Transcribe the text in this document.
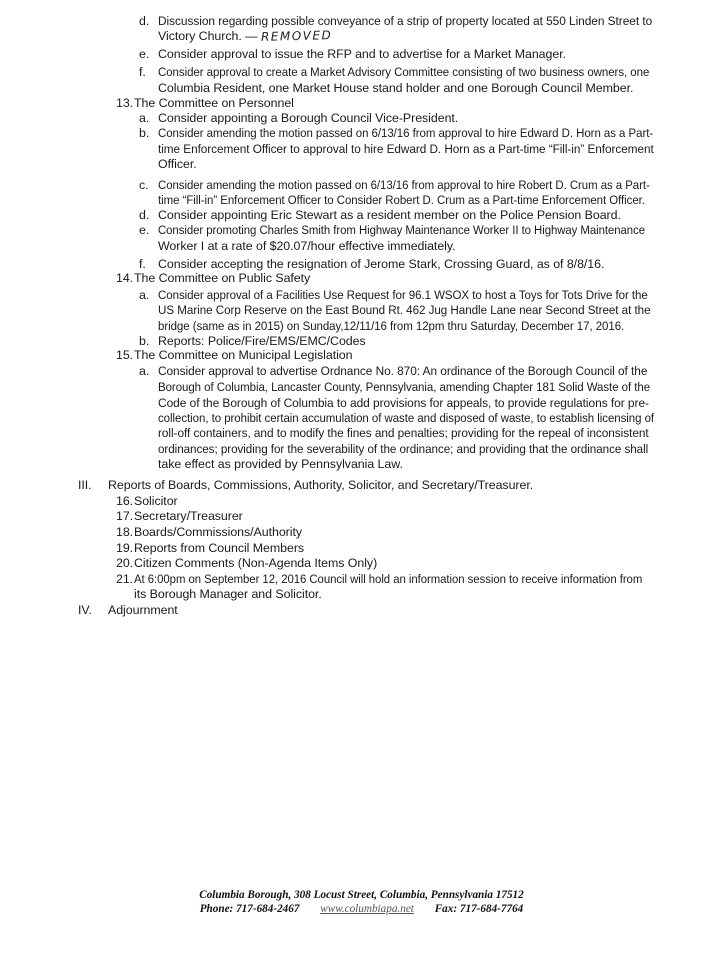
d. Discussion regarding possible conveyance of a strip of property located at 550 Linden Street to
Victory Church. — REMOVED
e. Consider approval to issue the RFP and to advertise for a Market Manager.
f. Consider approval to create a Market Advisory Committee consisting of two business owners, one
Columbia Resident, one Market House stand holder and one Borough Council Member.
13. The Committee on Personnel
a. Consider appointing a Borough Council Vice-President.
b. Consider amending the motion passed on 6/13/16 from approval to hire Edward D. Horn as a Part-
time Enforcement Officer to approval to hire Edward D. Horn as a Part-time “Fill-in” Enforcement
Officer.
c. Consider amending the motion passed on 6/13/16 from approval to hire Robert D. Crum as a Part-
time “Fill-in” Enforcement Officer to Consider Robert D. Crum as a Part-time Enforcement Officer.
d. Consider appointing Eric Stewart as a resident member on the Police Pension Board.
e. Consider promoting Charles Smith from Highway Maintenance Worker II to Highway Maintenance
Worker I at a rate of $20.07/hour effective immediately.
f. Consider accepting the resignation of Jerome Stark, Crossing Guard, as of 8/8/16.
14. The Committee on Public Safety
a. Consider approval of a Facilities Use Request for 96.1 WSOX to host a Toys for Tots Drive for the
US Marine Corp Reserve on the East Bound Rt. 462 Jug Handle Lane near Second Street at the
bridge (same as in 2015) on Sunday,12/11/16 from 12pm thru Saturday, December 17, 2016.
b. Reports: Police/Fire/EMS/EMC/Codes
15. The Committee on Municipal Legislation
a. Consider approval to advertise Ordnance No. 870: An ordinance of the Borough Council of the
Borough of Columbia, Lancaster County, Pennsylvania, amending Chapter 181 Solid Waste of the
Code of the Borough of Columbia to add provisions for appeals, to provide regulations for pre-
collection, to prohibit certain accumulation of waste and disposed of waste, to establish licensing of
roll-off containers, and to modify the fines and penalties; providing for the repeal of inconsistent
ordinances; providing for the severability of the ordinance; and providing that the ordinance shall
take effect as provided by Pennsylvania Law.
III. Reports of Boards, Commissions, Authority, Solicitor, and Secretary/Treasurer.
16. Solicitor
17. Secretary/Treasurer
18. Boards/Commissions/Authority
19. Reports from Council Members
20. Citizen Comments (Non-Agenda Items Only)
21. At 6:00pm on September 12, 2016 Council will hold an information session to receive information from
its Borough Manager and Solicitor.
IV. Adjournment
Columbia Borough, 308 Locust Street, Columbia, Pennsylvania 17512
Phone: 717-684-2467 www.columbiapa.net Fax: 717-684-7764
